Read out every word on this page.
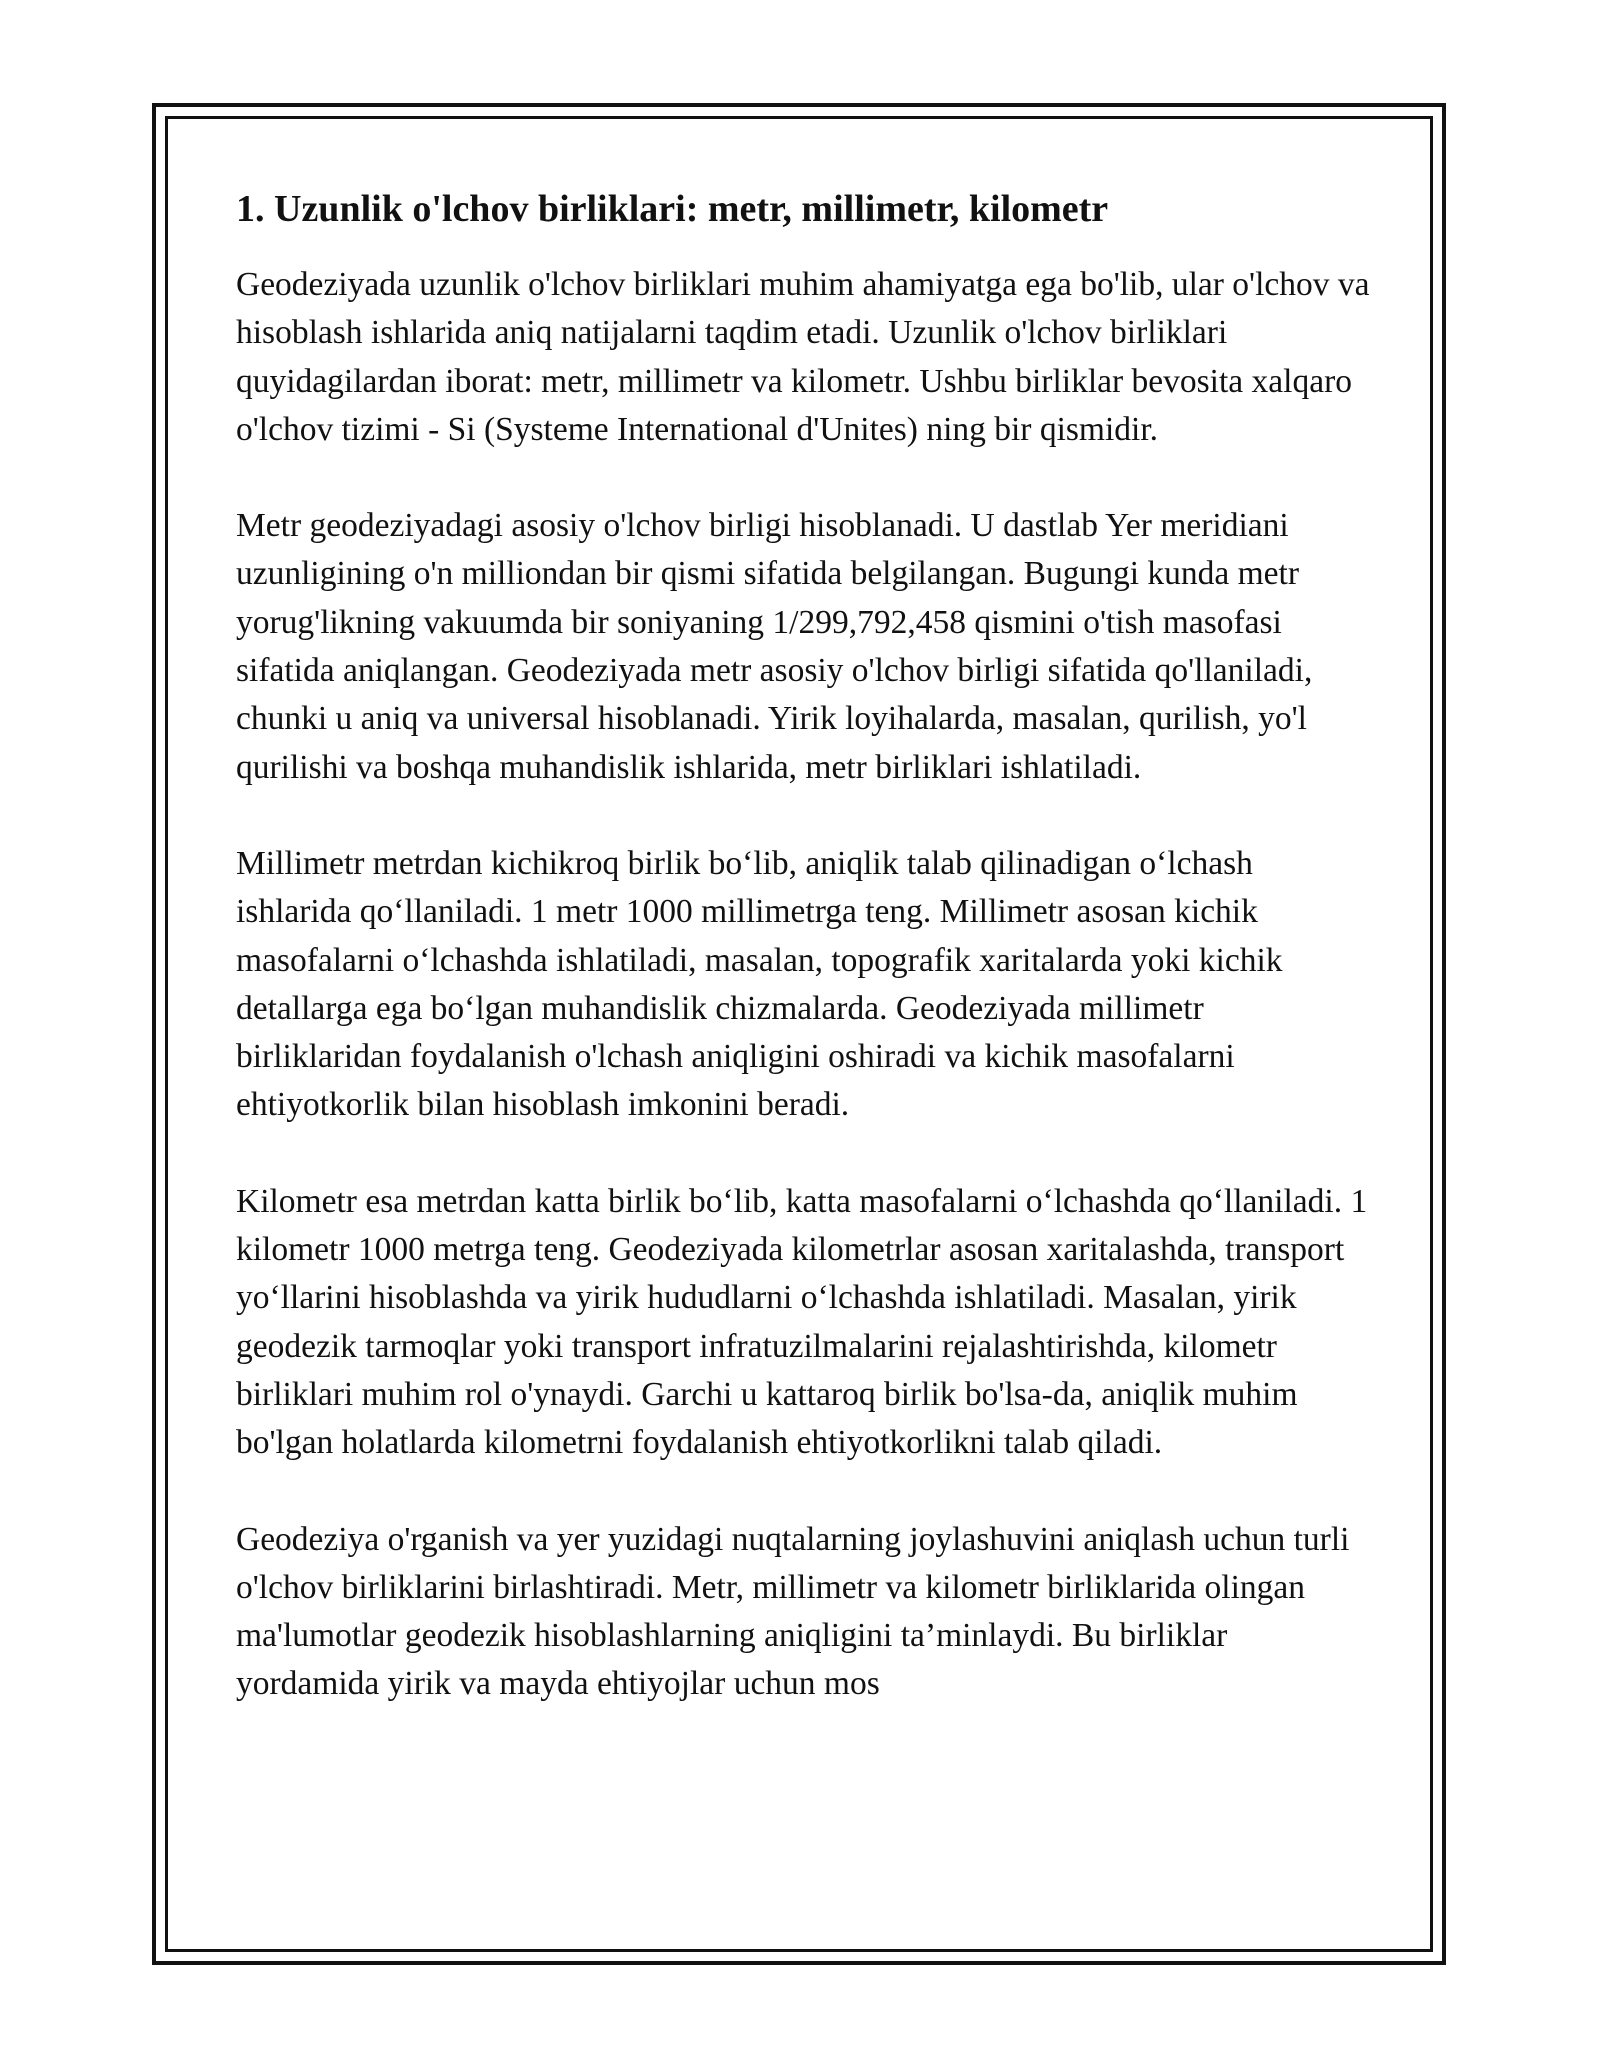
1. Uzunlik o'lchov birliklari: metr, millimetr, kilometr

Geodeziyada uzunlik o'lchov birliklari muhim ahamiyatga ega bo'lib, ular o'lchov va hisoblash ishlarida aniq natijalarni taqdim etadi. Uzunlik o'lchov birliklari quyidagilardan iborat: metr, millimetr va kilometr. Ushbu birliklar bevosita xalqaro o'lchov tizimi - Si (Systeme International d'Unites) ning bir qismidir.

Metr geodeziyadagi asosiy o'lchov birligi hisoblanadi. U dastlab Yer meridiani uzunligining o'n milliondan bir qismi sifatida belgilangan. Bugungi kunda metr yorug'likning vakuumda bir soniyaning 1/299,792,458 qismini o'tish masofasi sifatida aniqlangan. Geodeziyada metr asosiy o'lchov birligi sifatida qo'llaniladi, chunki u aniq va universal hisoblanadi. Yirik loyihalarda, masalan, qurilish, yo'l qurilishi va boshqa muhandislik ishlarida, metr birliklari ishlatiladi.

Millimetr metrdan kichikroq birlik bo‘lib, aniqlik talab qilinadigan o‘lchash ishlarida qo‘llaniladi. 1 metr 1000 millimetrga teng. Millimetr asosan kichik masofalarni o‘lchashda ishlatiladi, masalan, topografik xaritalarda yoki kichik detallarga ega bo‘lgan muhandislik chizmalarda. Geodeziyada millimetr birliklaridan foydalanish o'lchash aniqligini oshiradi va kichik masofalarni ehtiyotkorlik bilan hisoblash imkonini beradi.

Kilometr esa metrdan katta birlik bo‘lib, katta masofalarni o‘lchashda qo‘llaniladi. 1 kilometr 1000 metrga teng. Geodeziyada kilometrlar asosan xaritalashda, transport yo‘llarini hisoblashda va yirik hududlarni o‘lchashda ishlatiladi. Masalan, yirik geodezik tarmoqlar yoki transport infratuzilmalarini rejalashtirishda, kilometr birliklari muhim rol o'ynaydi. Garchi u kattaroq birlik bo'lsa-da, aniqlik muhim bo'lgan holatlarda kilometrni foydalanish ehtiyotkorlikni talab qiladi.

Geodeziya o'rganish va yer yuzidagi nuqtalarning joylashuvini aniqlash uchun turli o'lchov birliklarini birlashtiradi. Metr, millimetr va kilometr birliklarida olingan ma'lumotlar geodezik hisoblashlarning aniqligini ta’minlaydi. Bu birliklar yordamida yirik va mayda ehtiyojlar uchun mos
